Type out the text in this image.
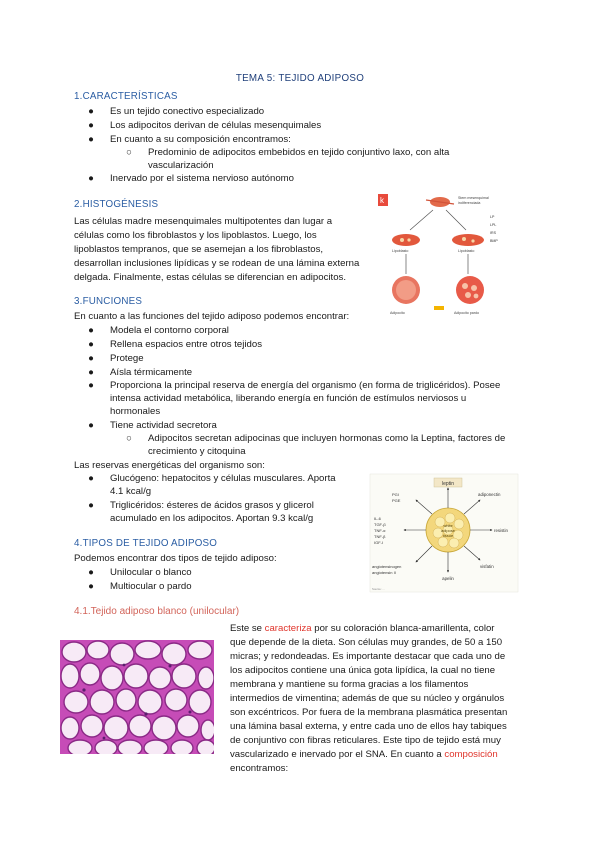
TEMA 5: TEJIDO ADIPOSO
1.CARACTERÍSTICAS
● Es un tejido conectivo especializado
● Los adipocitos derivan de células mesenquimales
● En cuanto a su composición encontramos:
○ Predominio de adipocitos embebidos en tejido conjuntivo laxo, con alta
vascularización
● Inervado por el sistema nervioso autónomo
2.HISTOGÉNESIS
Las células madre mesenquimales multipotentes dan lugar a
células como los fibroblastos y los lipoblastos. Luego, los
lipoblastos tempranos, que se asemejan a los fibroblastos,
desarrollan inclusiones lipídicas y se rodean de una lámina externa
delgada. Finalmente, estas células se diferencian en adipocitos.
k	Stem mesenquimal
indiferenciada
Lipoblasto	Lipoblasto
LP
LPL
IRS
BMP
Adipocito	Adipocito pardo
3.FUNCIONES
En cuanto a las funciones del tejido adiposo podemos encontrar:
● Modela el contorno corporal
● Rellena espacios entre otros tejidos
● Protege
● Aísla térmicamente
● Proporciona la principal reserva de energía del organismo (en forma de triglicéridos). Posee
intensa actividad metabólica, liberando energía en función de estímulos nerviosos u
hormonales
● Tiene actividad secretora
○ Adipocitos secretan adipocinas que incluyen hormonas como la Leptina, factores de
crecimiento y citoquina
Las reservas energéticas del organismo son:
● Glucógeno: hepatocitos y células musculares. Aporta
4.1 kcal/g
● Triglicéridos: ésteres de ácidos grasos y glicerol
acumulado en los adipocitos. Aportan 9.3 kcal/g
white
adipose
tissue
leptin
PGI
PGE
adiponectin
IL-6
TGF-β
TNF-α
TNF-β
IGF-I
resistin
angiotensinogen
angiotensin II
visfatin
apelin
Source: ...
4.TIPOS DE TEJIDO ADIPOSO
Podemos encontrar dos tipos de tejido adiposo:
● Unilocular o blanco
● Multiocular o pardo
4.1.Tejido adiposo blanco (unilocular)
Este se caracteriza por su coloración blanca-amarillenta, color
que depende de la dieta. Son células muy grandes, de 50 a 150
micras; y redondeadas. Es importante destacar que cada uno de
los adipocitos contiene una única gota lipídica, la cual no tiene
membrana y mantiene su forma gracias a los filamentos
intermedios de vimentina; además de que su núcleo y orgánulos
son excéntricos. Por fuera de la membrana plasmática presentan
una lámina basal externa, y entre cada uno de ellos hay tabiques
de conjuntivo con fibras reticulares. Este tipo de tejido está muy
vascularizado e inervado por el SNA. En cuanto a composición
encontramos:
